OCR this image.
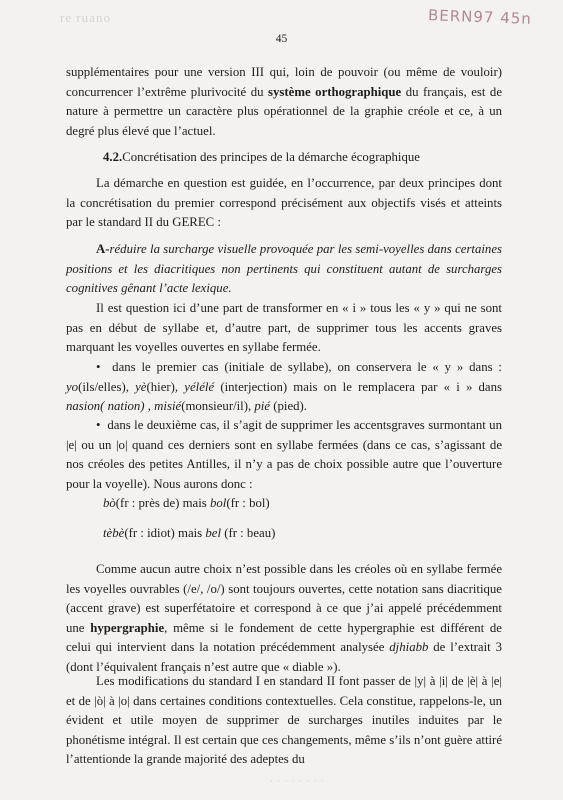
re ruano	BERN97 45n
45

supplémentaires pour une version III qui, loin de pouvoir (ou même de vouloir) concurrencer l’extrême plurivocité du système orthographique du français, est de nature à permettre un caractère plus opérationnel de la graphie créole et ce, à un degré plus élevé que l’actuel.

4.2.Concrétisation des principes de la démarche écographique

La démarche en question est guidée, en l’occurrence, par deux principes dont la concrétisation du premier correspond précisément aux objectifs visés et atteints par le standard II du GEREC :

A-réduire la surcharge visuelle provoquée par les semi-voyelles dans certaines positions et les diacritiques non pertinents qui constituent autant de surcharges cognitives gênant l’acte lexique.

Il est question ici d’une part de transformer en « i » tous les « y » qui ne sont pas en début de syllabe et, d’autre part, de supprimer tous les accents graves marquant les voyelles ouvertes en syllabe fermée.

•  dans le premier cas (initiale de syllabe), on conservera le « y » dans : yo(ils/elles), yè(hier), yélélé (interjection) mais on le remplacera par « i » dans nasion( nation) , misié(monsieur/il), pié (pied).

•  dans le deuxième cas, il s’agit de supprimer les accentsgraves surmontant un |e| ou un |o| quand ces derniers sont en syllabe fermées (dans ce cas, s’agissant de nos créoles des petites Antilles, il n’y a pas de choix possible autre que l’ouverture pour la voyelle). Nous aurons donc :

bò(fr : près de) mais bol(fr : bol)
tèbè(fr : idiot) mais bel (fr : beau)

Comme aucun autre choix n’est possible dans les créoles où en syllabe fermée les voyelles ouvrables (/e/, /o/) sont toujours ouvertes, cette notation sans diacritique (accent grave) est superfétatoire et correspond à ce que j’ai appelé précédemment une hypergraphie, même si le fondement de cette hypergraphie est différent de celui qui intervient dans la notation précédemment analysée djhiabb de l’extrait 3 (dont l’équivalent français n’est autre que « diable »).

Les modifications du standard I en standard II font passer de |y| à |i| de |è| à |e| et de |ò| à |o| dans certaines conditions contextuelles. Cela constitue, rappelons-le, un évident et utile moyen de supprimer de surcharges inutiles induites par le phonétisme intégral. Il est certain que ces changements, même s’ils n’ont guère attiré l’attentionde la grande majorité des adeptes du

· · · · · · · ·
